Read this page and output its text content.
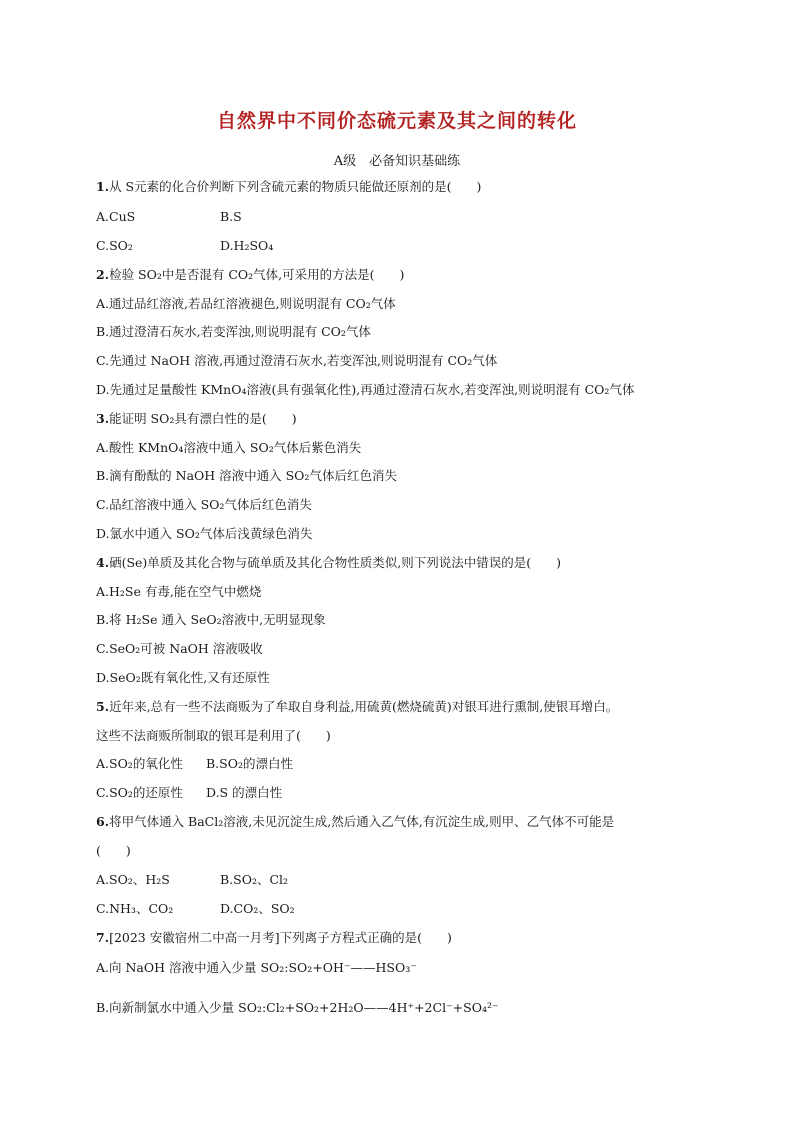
自然界中不同价态硫元素及其之间的转化
A级　必备知识基础练
1.从 S元素的化合价判断下列含硫元素的物质只能做还原剂的是(　　)
A.CuS	B.S
C.SO₂	D.H₂SO₄
2.检验 SO₂中是否混有 CO₂气体,可采用的方法是(　　)
A.通过品红溶液,若品红溶液褪色,则说明混有 CO₂气体
B.通过澄清石灰水,若变浑浊,则说明混有 CO₂气体
C.先通过 NaOH 溶液,再通过澄清石灰水,若变浑浊,则说明混有 CO₂气体
D.先通过足量酸性 KMnO₄溶液(具有强氧化性),再通过澄清石灰水,若变浑浊,则说明混有 CO₂气体
3.能证明 SO₂具有漂白性的是(　　)
A.酸性 KMnO₄溶液中通入 SO₂气体后紫色消失
B.滴有酚酞的 NaOH 溶液中通入 SO₂气体后红色消失
C.品红溶液中通入 SO₂气体后红色消失
D.氯水中通入 SO₂气体后浅黄绿色消失
4.硒(Se)单质及其化合物与硫单质及其化合物性质类似,则下列说法中错误的是(　　)
A.H₂Se 有毒,能在空气中燃烧
B.将 H₂Se 通入 SeO₂溶液中,无明显现象
C.SeO₂可被 NaOH 溶液吸收
D.SeO₂既有氧化性,又有还原性
5.近年来,总有一些不法商贩为了牟取自身利益,用硫黄(燃烧硫黄)对银耳进行熏制,使银耳增白。
这些不法商贩所制取的银耳是利用了(　　)
A.SO₂的氧化性 B.SO₂的漂白性
C.SO₂的还原性 D.S 的漂白性
6.将甲气体通入 BaCl₂溶液,未见沉淀生成,然后通入乙气体,有沉淀生成,则甲、乙气体不可能是
(　　)
A.SO₂、H₂S	B.SO₂、Cl₂
C.NH₃、CO₂	D.CO₂、SO₂
7.[2023 安徽宿州二中高一月考]下列离子方程式正确的是(　　)
A.向 NaOH 溶液中通入少量 SO₂:SO₂+OH⁻——HSO₃⁻
B.向新制氯水中通入少量 SO₂:Cl₂+SO₂+2H₂O——4H⁺+2Cl⁻+SO₄²⁻
